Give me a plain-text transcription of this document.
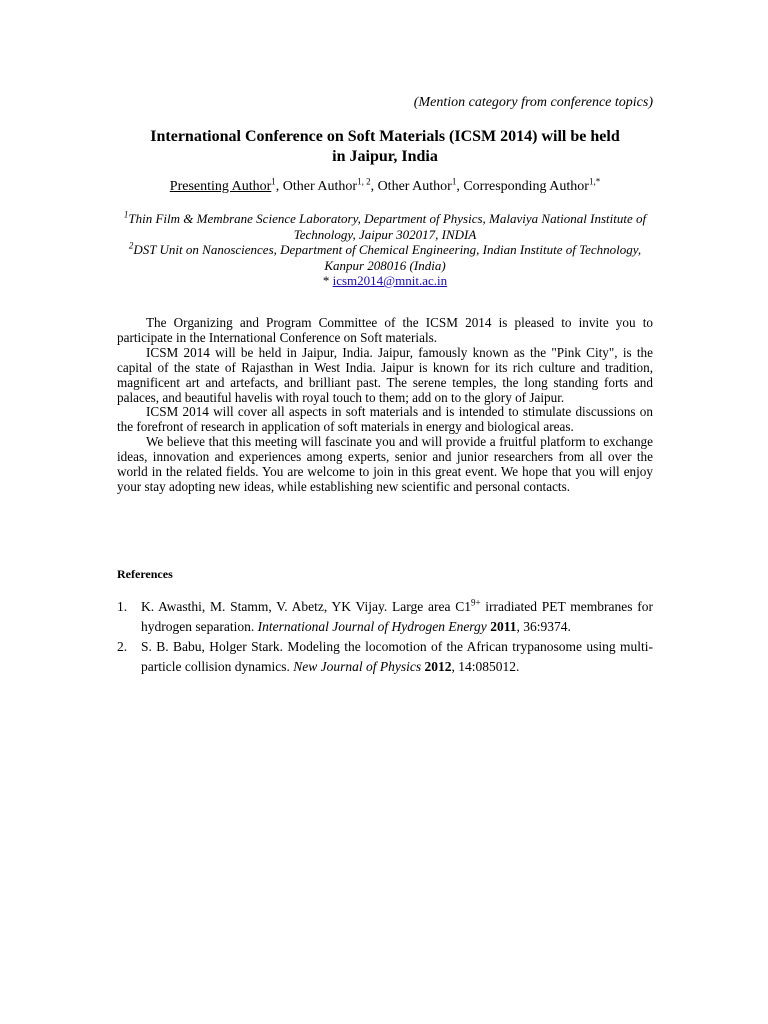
(Mention category from conference topics)
International Conference on Soft Materials (ICSM 2014) will be held
in Jaipur, India
Presenting Author$^1$, Other Author$^{1, 2}$, Other Author$^1$, Corresponding Author$^{1,*}$

$^1$Thin Film & Membrane Science Laboratory, Department of Physics, Malaviya National Institute of Technology, Jaipur 302017, INDIA

$^2$DST Unit on Nanosciences, Department of Chemical Engineering, Indian Institute of Technology, Kanpur 208016 (India)

* icsm2014@mnit.ac.in

The Organizing and Program Committee of the ICSM 2014 is pleased to invite you to participate in the International Conference on Soft materials.

ICSM 2014 will be held in Jaipur, India. Jaipur, famously known as the "Pink City", is the capital of the state of Rajasthan in West India. Jaipur is known for its rich culture and tradition, magnificent art and artefacts, and brilliant past. The serene temples, the long standing forts and palaces, and beautiful havelis with royal touch to them; add on to the glory of Jaipur.

ICSM 2014 will cover all aspects in soft materials and is intended to stimulate discussions on the forefront of research in application of soft materials in energy and biological areas.

We believe that this meeting will fascinate you and will provide a fruitful platform to exchange ideas, innovation and experiences among experts, senior and junior researchers from all over the world in the related fields. You are welcome to join in this great event. We hope that you will enjoy your stay adopting new ideas, while establishing new scientific and personal contacts.

References
1. K. Awasthi, M. Stamm, V. Abetz, YK Vijay. Large area $C1^{9+}$ irradiated PET membranes for hydrogen separation. International Journal of Hydrogen Energy 2011, 36:9374.
2. S. B. Babu, Holger Stark. Modeling the locomotion of the African trypanosome using multi-particle collision dynamics. New Journal of Physics 2012, 14:085012.
